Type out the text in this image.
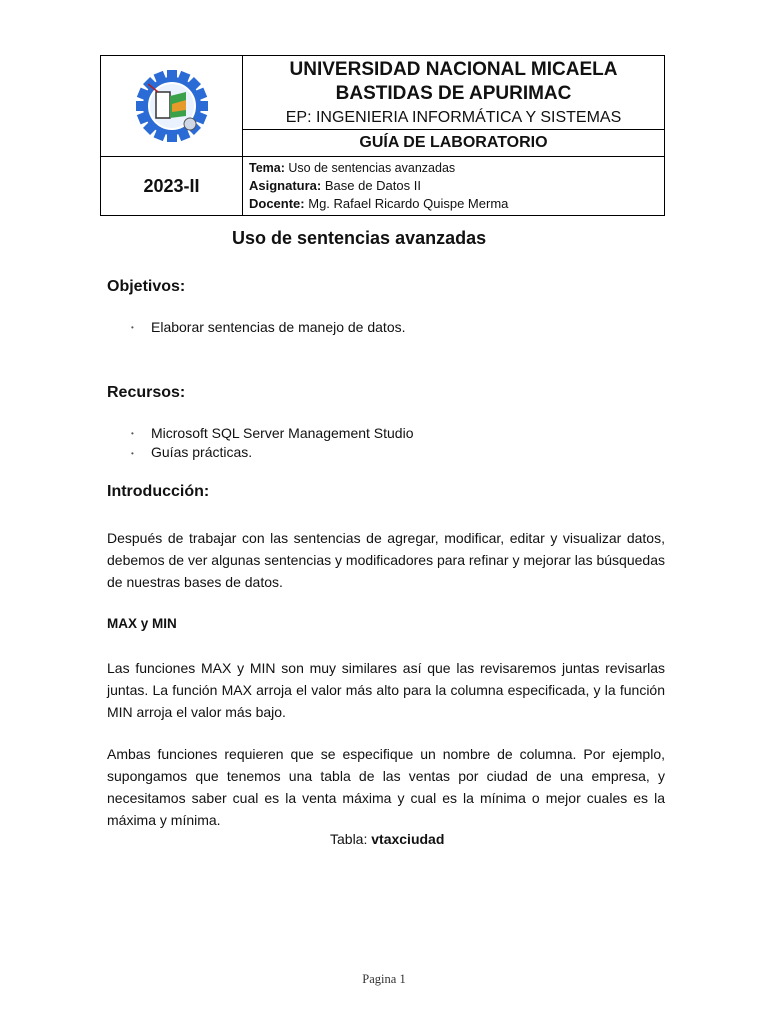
	UNIVERSIDAD NACIONAL MICAELA BASTIDAS DE APURIMAC
EP: INGENIERIA INFORMÁTICA Y SISTEMAS

	GUÍA DE LABORATORIO
2023-II	Tema: Uso de sentencias avanzadas
Asignatura: Base de Datos II
Docente: Mg. Rafael Ricardo Quispe Merma
Uso de sentencias avanzadas
Objetivos:
• Elaborar sentencias de manejo de datos.
Recursos:
• Microsoft SQL Server Management Studio
• Guías prácticas.
Introducción:

Después de trabajar con las sentencias de agregar, modificar, editar y visualizar datos, debemos de ver algunas sentencias y modificadores para refinar y mejorar las búsquedas de nuestras bases de datos.

MAX y MIN

Las funciones MAX y MIN son muy similares así que las revisaremos juntas revisarlas juntas. La función MAX arroja el valor más alto para la columna especificada, y la función MIN arroja el valor más bajo.

Ambas funciones requieren que se especifique un nombre de columna. Por ejemplo, supongamos que tenemos una tabla de las ventas por ciudad de una empresa, y necesitamos saber cual es la venta máxima y cual es la mínima o mejor cuales es la máxima y mínima.

Tabla: vtaxciudad
Pagina 1
